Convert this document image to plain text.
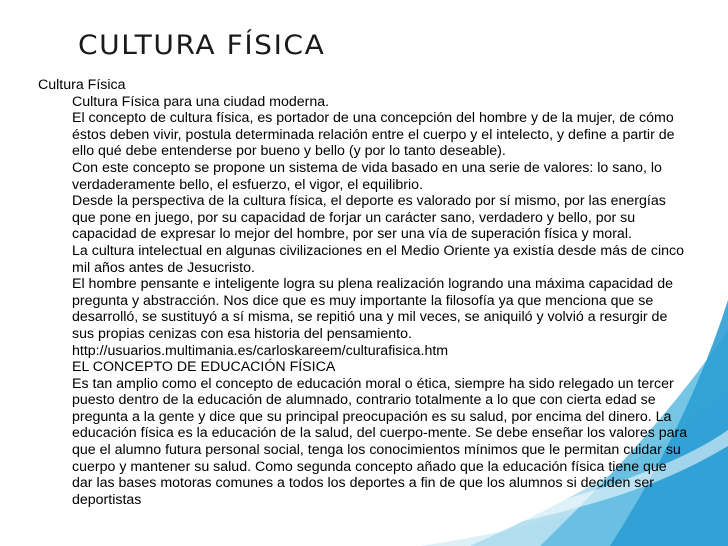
CULTURA FÍSICA

Cultura Física

Cultura Física para una ciudad moderna.

El concepto de cultura física, es portador de una concepción del hombre y de la mujer, de cómo éstos deben vivir, postula determinada relación entre el cuerpo y el intelecto, y define a partir de ello qué debe entenderse por bueno y bello (y por lo tanto deseable).

Con este concepto se propone un sistema de vida basado en una serie de valores: lo sano, lo verdaderamente bello, el esfuerzo, el vigor, el equilibrio.

Desde la perspectiva de la cultura física, el deporte es valorado por sí mismo, por las energías que pone en juego, por su capacidad de forjar un carácter sano, verdadero y bello, por su capacidad de expresar lo mejor del hombre, por ser una vía de superación física y moral.

La cultura intelectual en algunas civilizaciones en el Medio Oriente ya existía desde más de cinco mil años antes de Jesucristo.

El hombre pensante e inteligente logra su plena realización logrando una máxima capacidad de pregunta y abstracción. Nos dice que es muy importante la filosofía ya que menciona que se desarrolló, se sustituyó a sí misma, se repitió una y mil veces, se aniquiló y volvió a resurgir de sus propias cenizas con esa historia del pensamiento.

http://usuarios.multimania.es/carloskareem/culturafisica.htm

EL CONCEPTO DE EDUCACIÓN FÍSICA

Es tan amplio como el concepto de educación moral o ética, siempre ha sido relegado un tercer puesto dentro de la educación de alumnado, contrario totalmente a lo que con cierta edad se pregunta a la gente y dice que su principal preocupación es su salud, por encima del dinero. La educación física es la educación de la salud, del cuerpo-mente. Se debe enseñar los valores para que el alumno futura personal social, tenga los conocimientos mínimos que le permitan cuidar su cuerpo y mantener su salud. Como segunda concepto añado que la educación física tiene que dar las bases motoras comunes a todos los deportes a fin de que los alumnos si deciden ser deportistas
